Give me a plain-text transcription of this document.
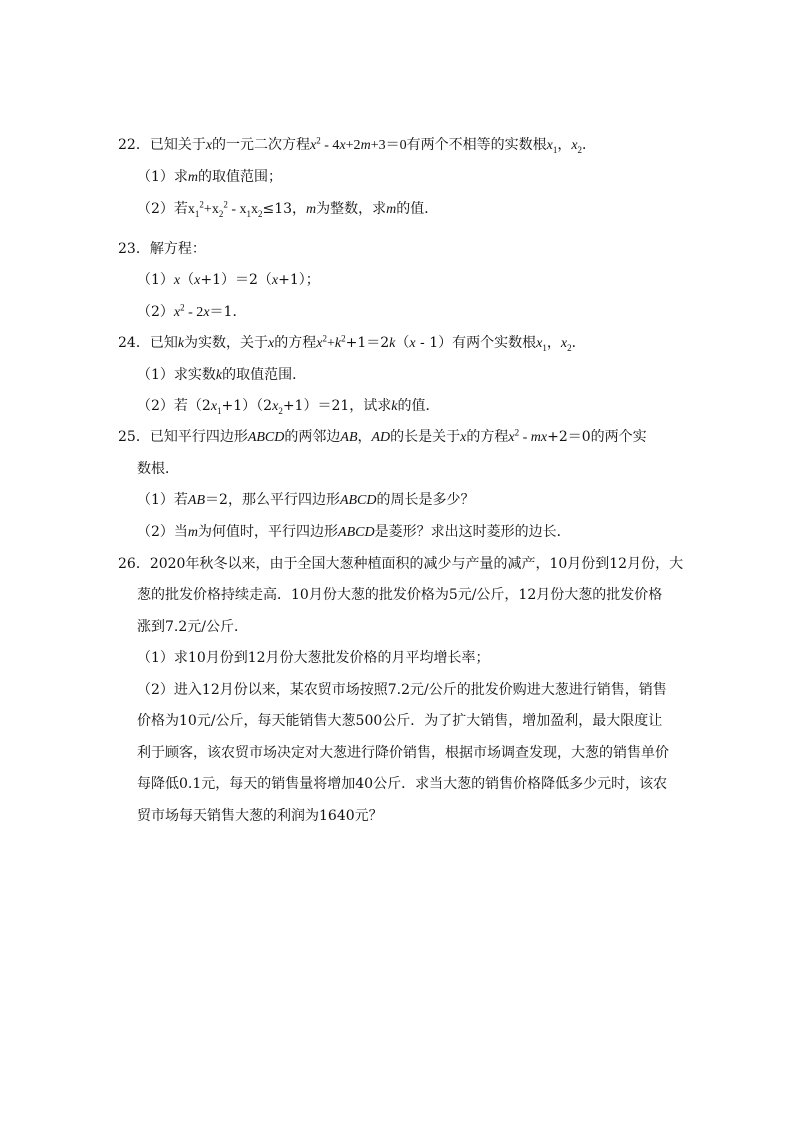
22．已知关于x的一元二次方程$x^2 - 4x+2m+3=0$有两个不相等的实数根$x_1$，$x_2$．
（1）求m的取值范围；
（2）若$x_1^2+x_2^2 - x_1x_2\le 13$，m为整数，求m的值．
23．解方程：
（1）x（x+1）＝2（x+1）；
$(2)x^2 - 2x=1$．
24．已知k为实数，关于x的方程$x^2+k^2+1=2k(x - 1)$有两个实数根$x_1$，$x_2$．
（1）求实数k的取值范围．
（2）若$(2x_1+1)(2x_2+1)=21$，试求k的值．
25．已知平行四边形ABCD的两邻边AB，AD的长是关于x的方程$x^2 - mx+2=0$的两个实
数根．
（1）若AB＝2，那么平行四边形ABCD的周长是多少？
（2）当m为何值时，平行四边形ABCD是菱形？求出这时菱形的边长．
26．2020年秋冬以来，由于全国大葱种植面积的减少与产量的减产，10月份到12月份，大
葱的批发价格持续走高．10月份大葱的批发价格为5元/公斤，12月份大葱的批发价格
涨到7.2元/公斤．
（1）求10月份到12月份大葱批发价格的月平均增长率；
（2）进入12月份以来，某农贸市场按照7.2元/公斤的批发价购进大葱进行销售，销售
价格为10元/公斤，每天能销售大葱500公斤．为了扩大销售，增加盈利，最大限度让
利于顾客，该农贸市场决定对大葱进行降价销售，根据市场调查发现，大葱的销售单价
每降低0.1元，每天的销售量将增加40公斤．求当大葱的销售价格降低多少元时，该农
贸市场每天销售大葱的利润为1640元？
